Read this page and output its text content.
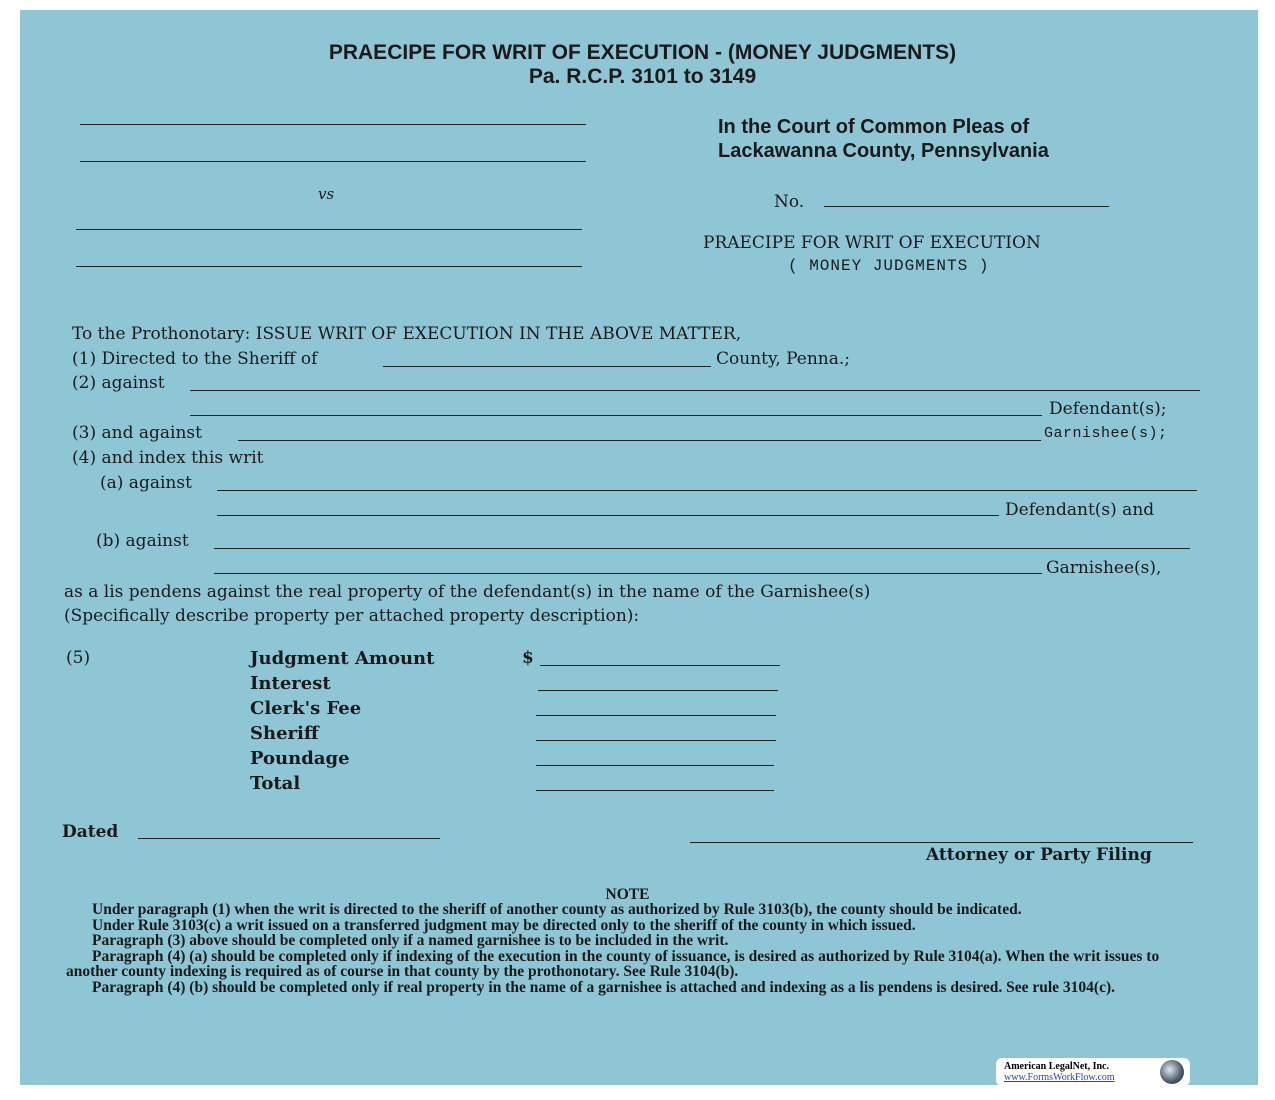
PRAECIPE FOR WRIT OF EXECUTION - (MONEY JUDGMENTS)
Pa. R.C.P. 3101 to 3149
vs
In the Court of Common Pleas of
Lackawanna County, Pennsylvania
No.
PRAECIPE FOR WRIT OF EXECUTION
( MONEY JUDGMENTS )
To the Prothonotary: ISSUE WRIT OF EXECUTION IN THE ABOVE MATTER,
(1) Directed to the Sheriff of	County, Penna.;
(2) against
Defendant(s);
(3) and against	Garnishee(s);
(4) and index this writ
(a) against
Defendant(s) and
(b) against
Garnishee(s),
as a lis pendens against the real property of the defendant(s) in the name of the Garnishee(s)
(Specifically describe property per attached property description):
(5)	$
Judgment Amount
Interest
Clerk's Fee
Sheriff
Poundage
Total
Dated
Attorney or Party Filing
NOTE

Under paragraph (1) when the writ is directed to the sheriff of another county as authorized by Rule 3103(b), the county should be indicated.

Under Rule 3103(c) a writ issued on a transferred judgment may be directed only to the sheriff of the county in which issued.

Paragraph (3) above should be completed only if a named garnishee is to be included in the writ.

Paragraph (4) (a) should be completed only if indexing of the execution in the county of issuance, is desired as authorized by Rule 3104(a). When the writ issues to another county indexing is required as of course in that county by the prothonotary. See Rule 3104(b).

Paragraph (4) (b) should be completed only if real property in the name of a garnishee is attached and indexing as a lis pendens is desired. See rule 3104(c).

American LegalNet, Inc.
www.FormsWorkFlow.com
